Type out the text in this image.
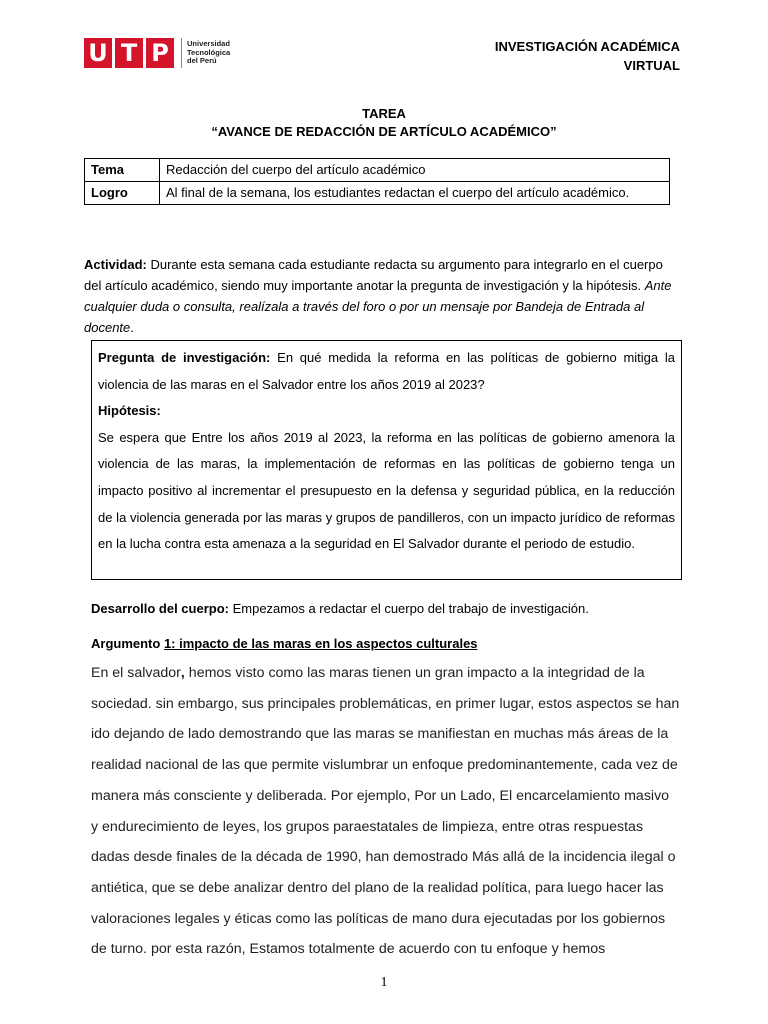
U T P	Universidad
Tecnológica
del Perú
INVESTIGACIÓN ACADÉMICA
VIRTUAL
TAREA
“AVANCE DE REDACCIÓN DE ARTÍCULO ACADÉMICO”
Tema	Redacción del cuerpo del artículo académico
Logro	Al final de la semana, los estudiantes redactan el cuerpo del artículo académico.
Actividad: Durante esta semana cada estudiante redacta su argumento para integrarlo en el cuerpo del artículo académico, siendo muy importante anotar la pregunta de investigación y la hipótesis. Ante cualquier duda o consulta, realízala a través del foro o por un mensaje por Bandeja de Entrada al docente.
Pregunta de investigación: En qué medida la reforma en las políticas de gobierno mitiga la violencia de las maras en el Salvador entre los años 2019 al 2023?
Hipótesis:
Se espera que Entre los años 2019 al 2023, la reforma en las políticas de gobierno amenora la violencia de las maras, la implementación de reformas en las políticas de gobierno tenga un impacto positivo al incrementar el presupuesto en la defensa y seguridad pública, en la reducción de la violencia generada por las maras y grupos de pandilleros, con un impacto jurídico de reformas en la lucha contra esta amenaza a la seguridad en El Salvador durante el periodo de estudio.
Desarrollo del cuerpo: Empezamos a redactar el cuerpo del trabajo de investigación.
Argumento 1: impacto de las maras en los aspectos culturales
En el salvador, hemos visto como las maras tienen un gran impacto a la integridad de la sociedad. sin embargo, sus principales problemáticas, en primer lugar, estos aspectos se han ido dejando de lado demostrando que las maras se manifiestan en muchas más áreas de la realidad nacional de las que permite vislumbrar un enfoque predominantemente, cada vez de manera más consciente y deliberada. Por ejemplo, Por un Lado, El encarcelamiento masivo y endurecimiento de leyes, los grupos paraestatales de limpieza, entre otras respuestas dadas desde finales de la década de 1990, han demostrado Más allá de la incidencia ilegal o antiética, que se debe analizar dentro del plano de la realidad política, para luego hacer las valoraciones legales y éticas como las políticas de mano dura ejecutadas por los gobiernos de turno. por esta razón, Estamos totalmente de acuerdo con tu enfoque y hemos
1
